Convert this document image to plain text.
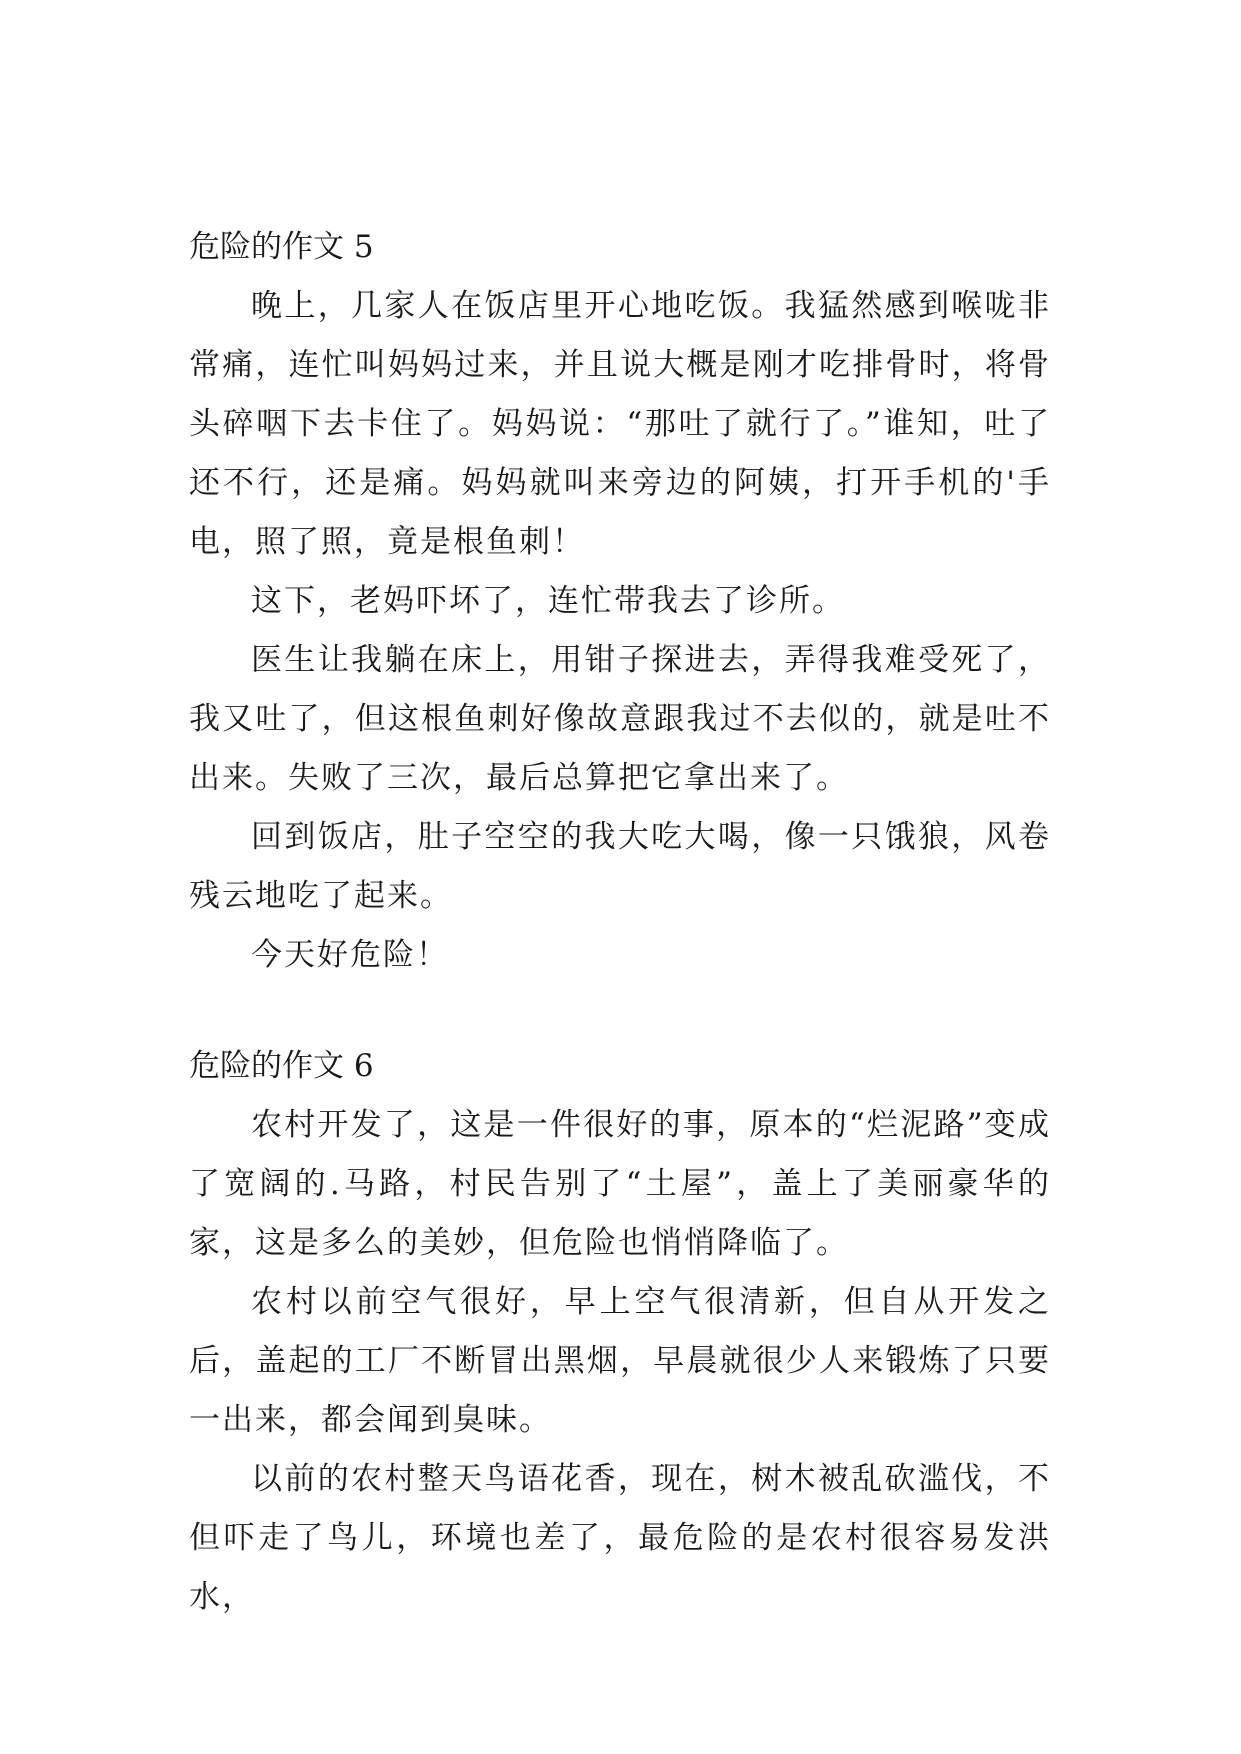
危险的作文 5

晚上，几家人在饭店里开心地吃饭。我猛然感到喉咙非常痛，连忙叫妈妈过来，并且说大概是刚才吃排骨时，将骨头碎咽下去卡住了。妈妈说：“那吐了就行了。”谁知，吐了还不行，还是痛。妈妈就叫来旁边的阿姨，打开手机的'手电，照了照，竟是根鱼刺！

这下，老妈吓坏了，连忙带我去了诊所。

医生让我躺在床上，用钳子探进去，弄得我难受死了，我又吐了，但这根鱼刺好像故意跟我过不去似的，就是吐不出来。失败了三次，最后总算把它拿出来了。

回到饭店，肚子空空的我大吃大喝，像一只饿狼，风卷残云地吃了起来。

今天好危险！

危险的作文 6

农村开发了，这是一件很好的事，原本的“烂泥路”变成了宽阔的.马路，村民告别了“土屋”，盖上了美丽豪华的家，这是多么的美妙，但危险也悄悄降临了。

农村以前空气很好，早上空气很清新，但自从开发之后，盖起的工厂不断冒出黑烟，早晨就很少人来锻炼了只要一出来，都会闻到臭味。

以前的农村整天鸟语花香，现在，树木被乱砍滥伐，不但吓走了鸟儿，环境也差了，最危险的是农村很容易发洪水，
